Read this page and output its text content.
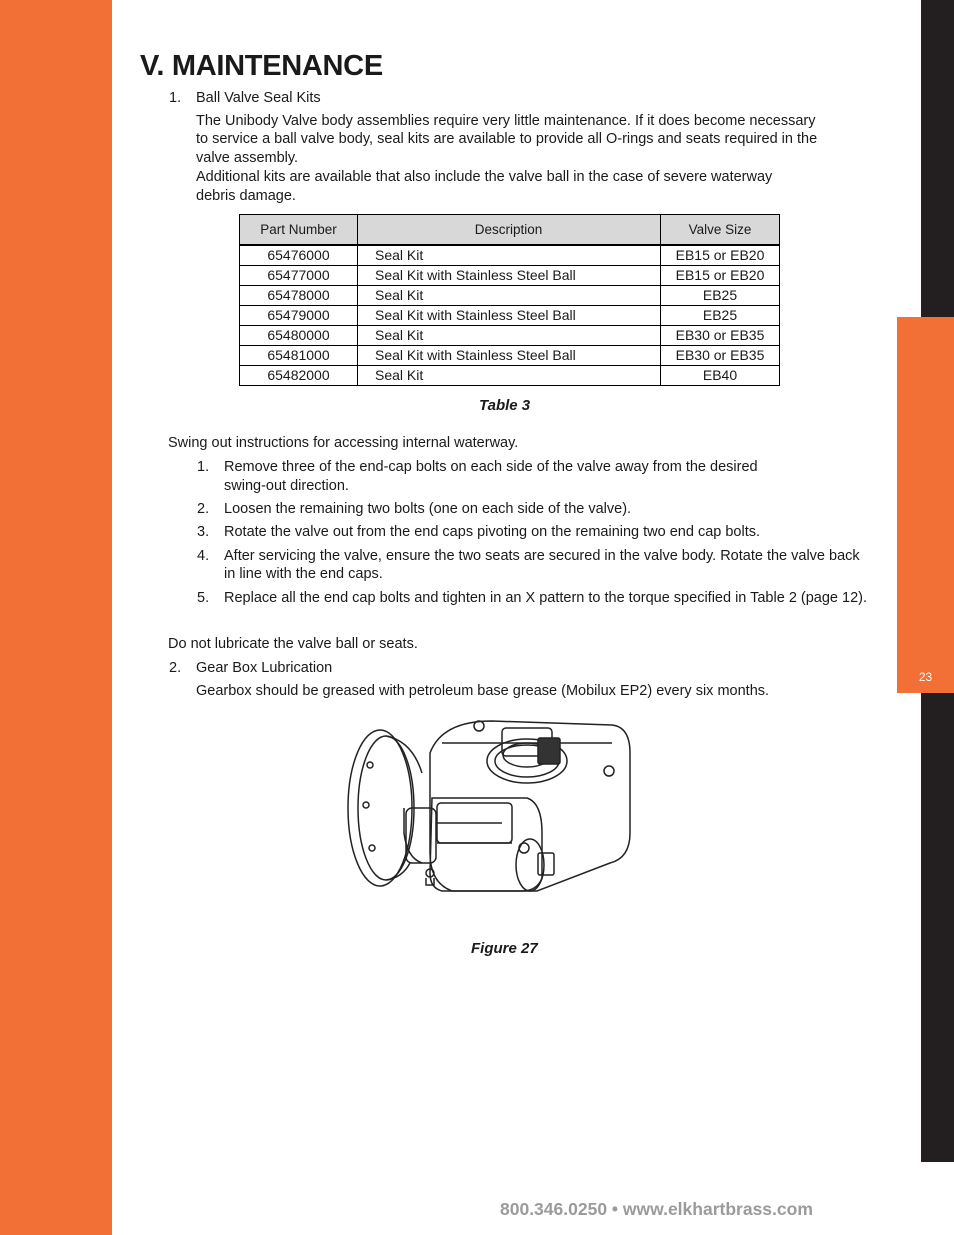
23
V. MAINTENANCE
1. Ball Valve Seal Kits
The Unibody Valve body assemblies require very little maintenance. If it does become necessary
to service a ball valve body, seal kits are available to provide all O-rings and seats required in the
valve assembly.
Additional kits are available that also include the valve ball in the case of severe waterway
debris damage.
Part Number	Description	Valve Size
65476000	Seal Kit	EB15 or EB20
65477000	Seal Kit with Stainless Steel Ball	EB15 or EB20
65478000	Seal Kit	EB25
65479000	Seal Kit with Stainless Steel Ball	EB25
65480000	Seal Kit	EB30 or EB35
65481000	Seal Kit with Stainless Steel Ball	EB30 or EB35
65482000	Seal Kit	EB40
Table 3
Swing out instructions for accessing internal waterway.
1. Remove three of the end-cap bolts on each side of the valve away from the desired
swing-out direction.
2. Loosen the remaining two bolts (one on each side of the valve).
3. Rotate the valve out from the end caps pivoting on the remaining two end cap bolts.
4. After servicing the valve, ensure the two seats are secured in the valve body. Rotate the valve back
in line with the end caps.
5. Replace all the end cap bolts and tighten in an X pattern to the torque specified in Table 2 (page 12).
Do not lubricate the valve ball or seats.
2. Gear Box Lubrication
Gearbox should be greased with petroleum base grease (Mobilux EP2) every six months.
Figure 27
800.346.0250 • www.elkhartbrass.com
